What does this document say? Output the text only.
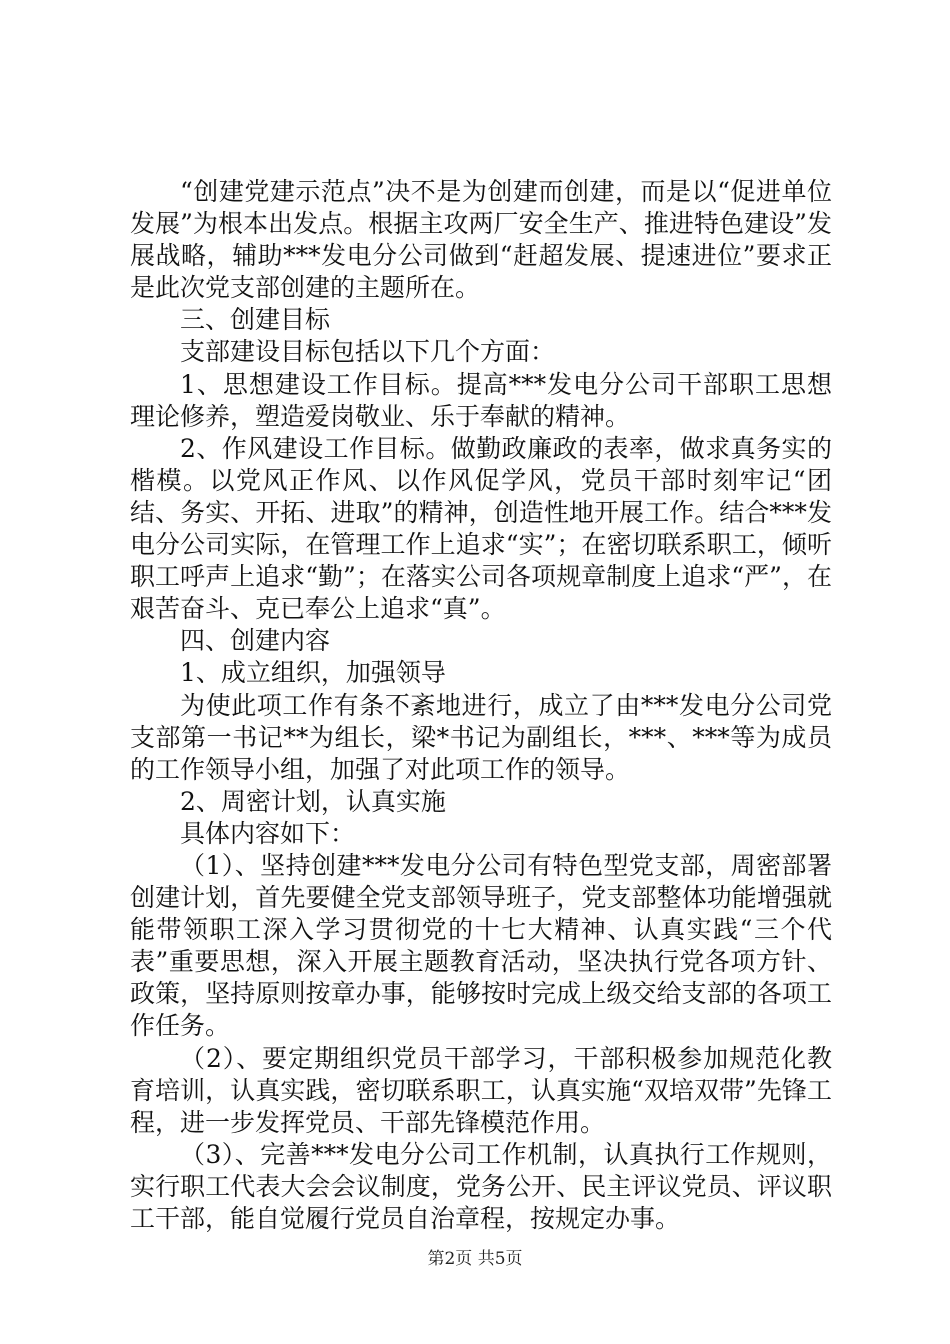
“创建党建示范点”决不是为创建而创建，而是以“促进单位发展”为根本出发点。根据主攻两厂安全生产、推进特色建设”发展战略，辅助***发电分公司做到“赶超发展、提速进位”要求正是此次党支部创建的主题所在。

三、创建目标

支部建设目标包括以下几个方面：

1、思想建设工作目标。提高***发电分公司干部职工思想理论修养，塑造爱岗敬业、乐于奉献的精神。

2、作风建设工作目标。做勤政廉政的表率，做求真务实的楷模。以党风正作风、以作风促学风，党员干部时刻牢记“团结、务实、开拓、进取”的精神，创造性地开展工作。结合***发电分公司实际，在管理工作上追求“实”；在密切联系职工，倾听职工呼声上追求“勤”；在落实公司各项规章制度上追求“严”，在艰苦奋斗、克已奉公上追求“真”。

四、创建内容

1、成立组织，加强领导

为使此项工作有条不紊地进行，成立了由***发电分公司党支部第一书记**为组长，梁*书记为副组长，***、***等为成员的工作领导小组，加强了对此项工作的领导。

2、周密计划，认真实施

具体内容如下：

（1）、坚持创建***发电分公司有特色型党支部，周密部署创建计划，首先要健全党支部领导班子，党支部整体功能增强就能带领职工深入学习贯彻党的十七大精神、认真实践“三个代表”重要思想，深入开展主题教育活动，坚决执行党各项方针、政策，坚持原则按章办事，能够按时完成上级交给支部的各项工作任务。

（2）、要定期组织党员干部学习，干部积极参加规范化教育培训，认真实践，密切联系职工，认真实施“双培双带”先锋工程，进一步发挥党员、干部先锋模范作用。

（3）、完善***发电分公司工作机制，认真执行工作规则，实行职工代表大会会议制度，党务公开、民主评议党员、评议职工干部，能自觉履行党员自治章程，按规定办事。

第2页 共5页
